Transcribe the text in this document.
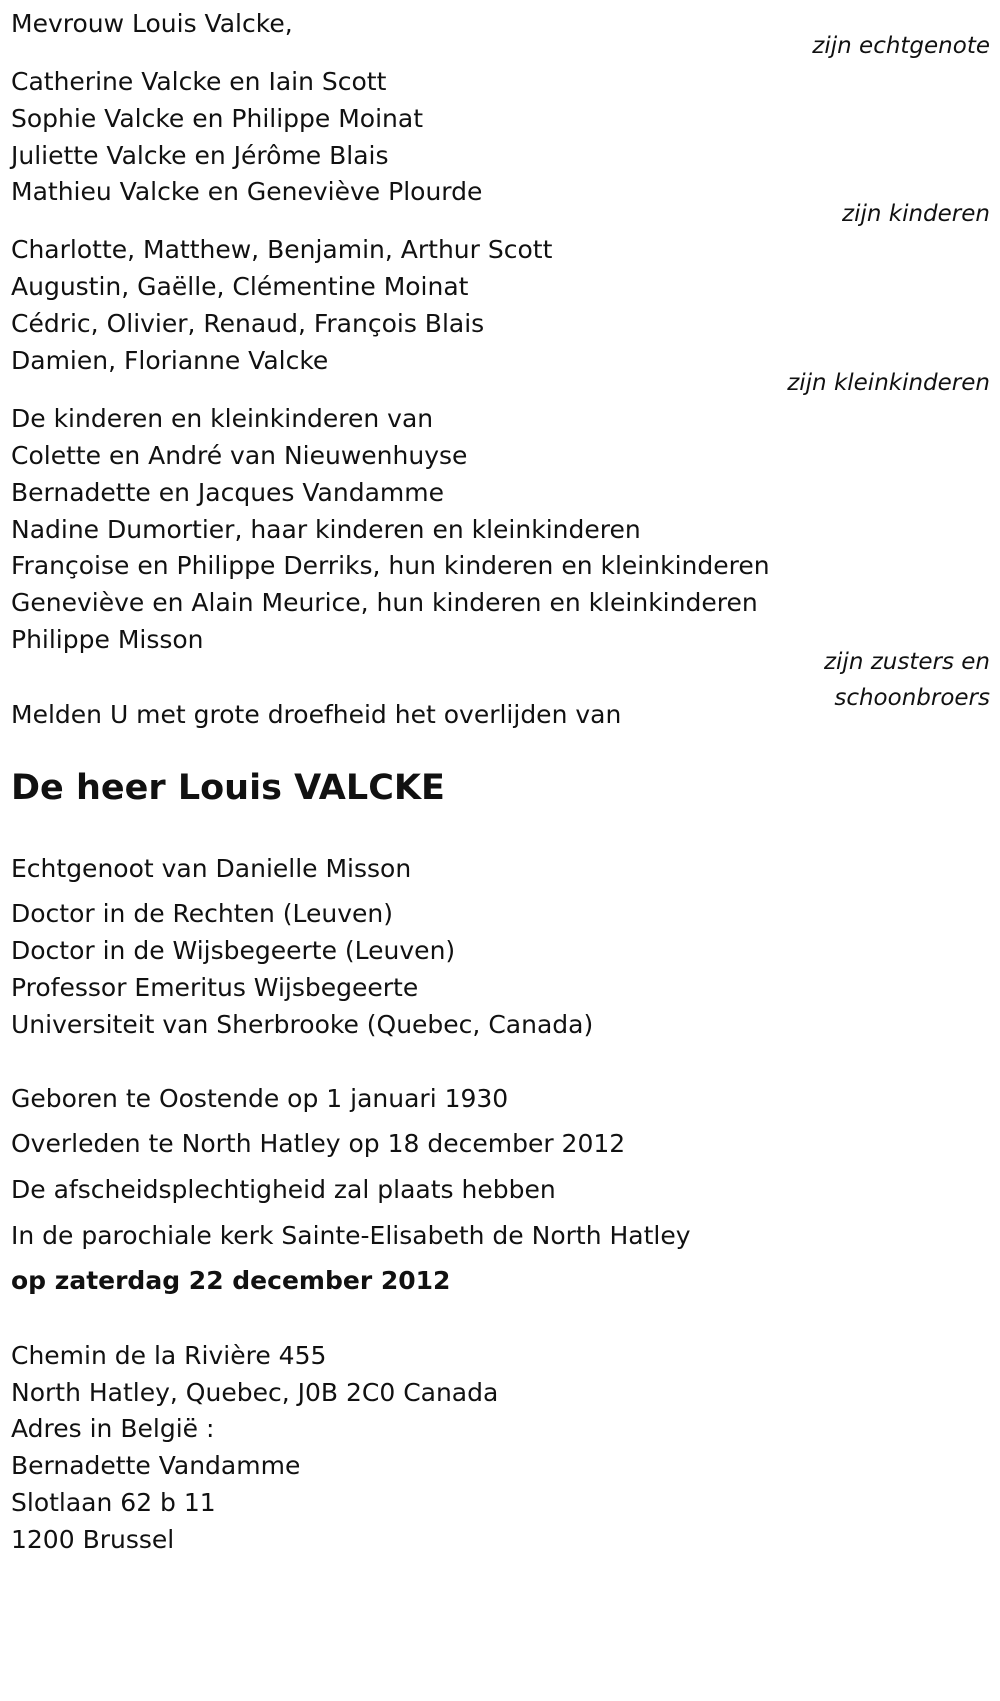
Mevrouw Louis Valcke,
zijn echtgenote
Catherine Valcke en Iain Scott
Sophie Valcke en Philippe Moinat
Juliette Valcke en Jérôme Blais
Mathieu Valcke en Geneviève Plourde
zijn kinderen
Charlotte, Matthew, Benjamin, Arthur Scott
Augustin, Gaëlle, Clémentine Moinat
Cédric, Olivier, Renaud, François Blais
Damien, Florianne Valcke
zijn kleinkinderen
De kinderen en kleinkinderen van
Colette en André van Nieuwenhuyse
Bernadette en Jacques Vandamme
Nadine Dumortier, haar kinderen en kleinkinderen
Françoise en Philippe Derriks, hun kinderen en kleinkinderen
Geneviève en Alain Meurice, hun kinderen en kleinkinderen
Philippe Misson
zijn zusters en
schoonbroers
Melden U met grote droefheid het overlijden van
De heer Louis VALCKE
Echtgenoot van Danielle Misson
Doctor in de Rechten (Leuven)
Doctor in de Wijsbegeerte (Leuven)
Professor Emeritus Wijsbegeerte
Universiteit van Sherbrooke (Quebec, Canada)
Geboren te Oostende op 1 januari 1930
Overleden te North Hatley op 18 december 2012
De afscheidsplechtigheid zal plaats hebben
In de parochiale kerk Sainte-Elisabeth de North Hatley
op zaterdag 22 december 2012
Chemin de la Rivière 455
North Hatley, Quebec, J0B 2C0 Canada
Adres in België :
Bernadette Vandamme
Slotlaan 62 b 11
1200 Brussel
